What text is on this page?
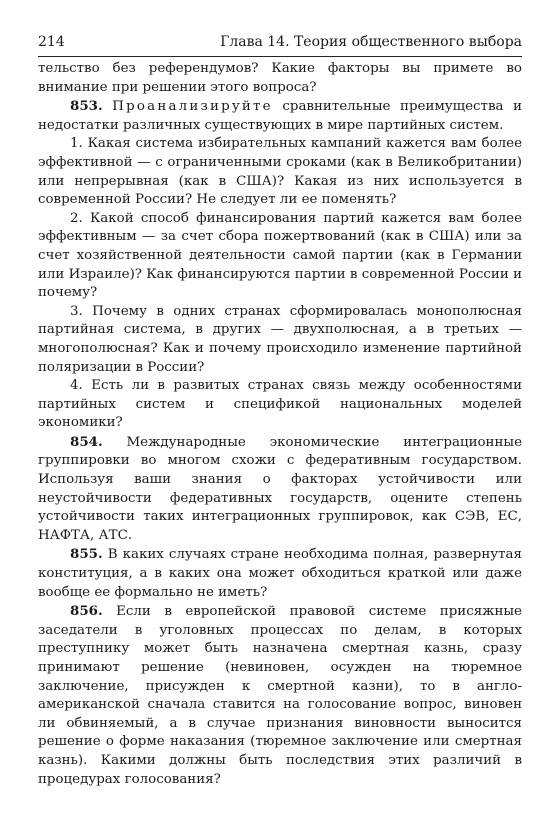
214	Глава 14. Теория общественного выбора

тельство без референдумов? Какие факторы вы примете во внимание при решении этого вопроса?

853. Проанализируйте сравнительные преимущества и недостатки различных существующих в мире партийных систем.

1. Какая система избирательных кампаний кажется вам более эффективной — с ограниченными сроками (как в Великобритании) или непрерывная (как в США)? Какая из них используется в современной России? Не следует ли ее поменять?

2. Какой способ финансирования партий кажется вам более эффективным — за счет сбора пожертвований (как в США) или за счет хозяйственной деятельности самой партии (как в Германии или Израиле)? Как финансируются партии в современной России и почему?

3. Почему в одних странах сформировалась монополюсная партийная система, в других — двухполюсная, а в третьих — многополюсная? Как и почему происходило изменение партийной поляризации в России?

4. Есть ли в развитых странах связь между особенностями партийных систем и спецификой национальных моделей экономики?

854. Международные экономические интеграционные группировки во многом схожи с федеративным государством. Используя ваши знания о факторах устойчивости или неустойчивости федеративных государств, оцените степень устойчивости таких интеграционных группировок, как СЭВ, ЕС, НАФТА, АТС.

855. В каких случаях стране необходима полная, развернутая конституция, а в каких она может обходиться краткой или даже вообще ее формально не иметь?

856. Если в европейской правовой системе присяжные заседатели в уголовных процессах по делам, в которых преступнику может быть назначена смертная казнь, сразу принимают решение (невиновен, осужден на тюремное заключение, присужден к смертной казни), то в англо-американской сначала ставится на голосование вопрос, виновен ли обвиняемый, а в случае признания виновности выносится решение о форме наказания (тюремное заключение или смертная казнь). Какими должны быть последствия этих различий в процедурах голосования?
